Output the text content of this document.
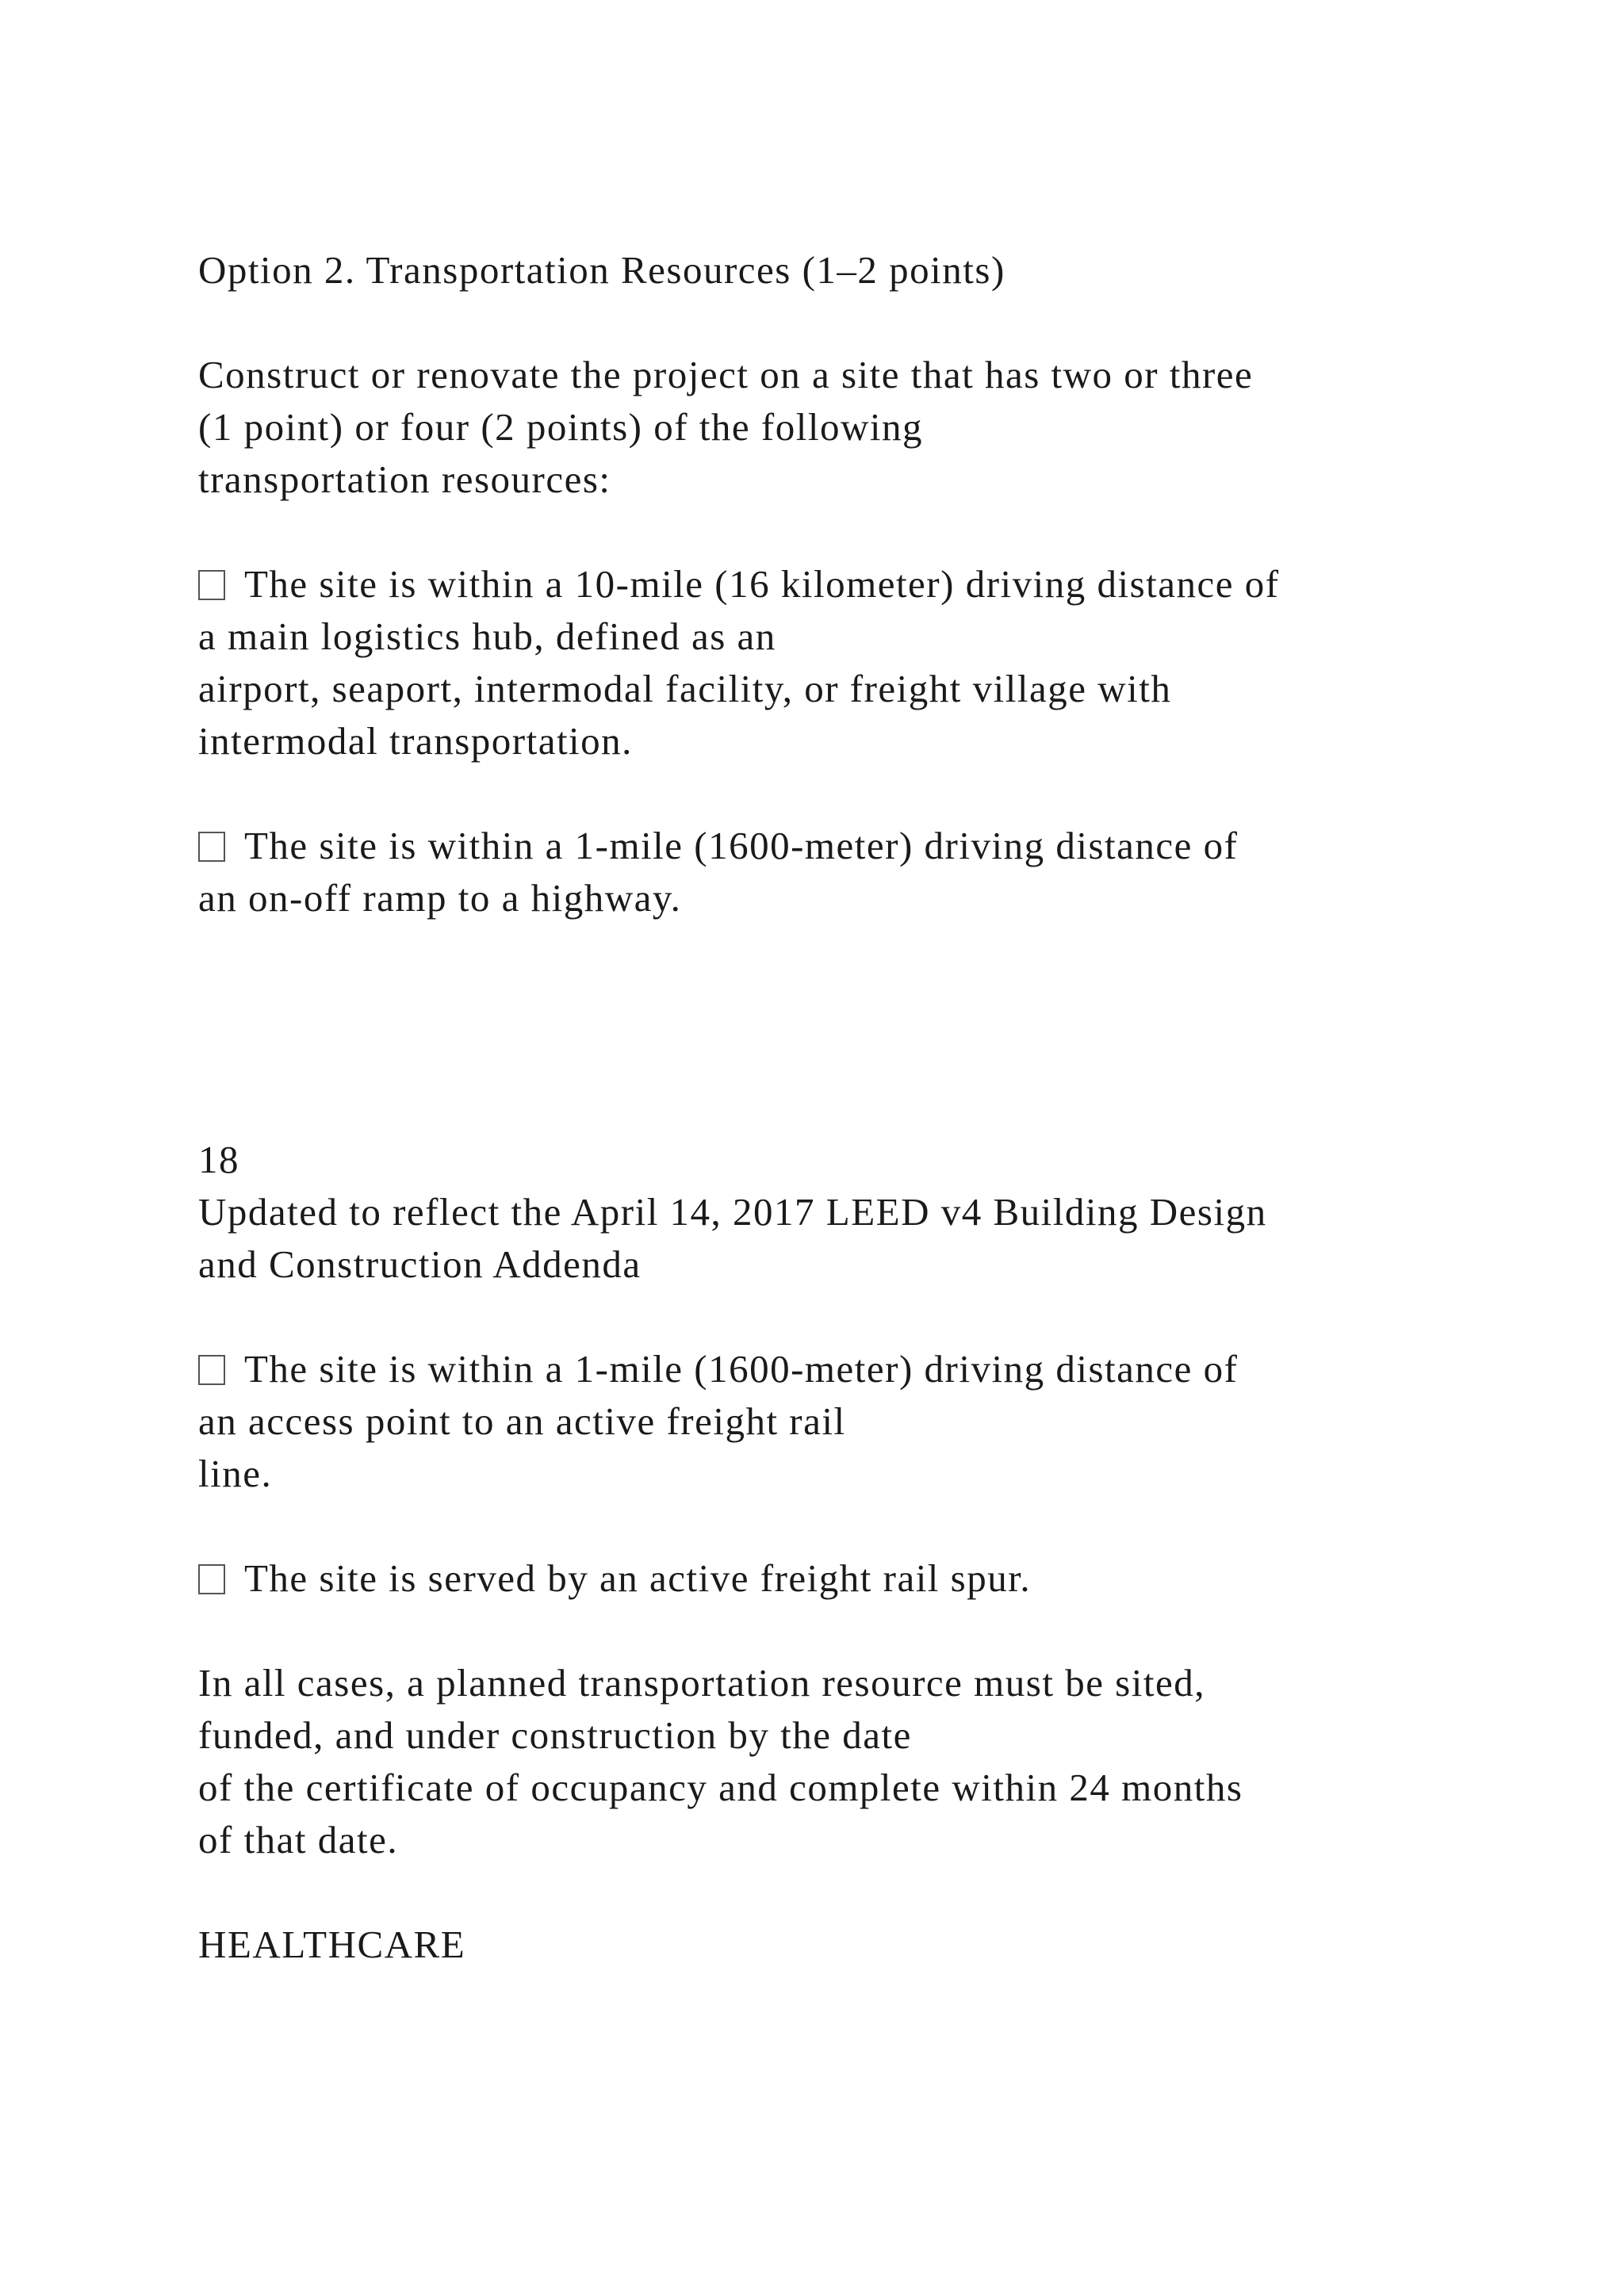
Option 2. Transportation Resources (1–2 points)
Construct or renovate the project on a site that has two or three
(1 point) or four (2 points) of the following
transportation resources:
The site is within a 10-mile (16 kilometer) driving distance of
a main logistics hub, defined as an
airport, seaport, intermodal facility, or freight village with
intermodal transportation.
The site is within a 1-mile (1600-meter) driving distance of
an on-off ramp to a highway.
18
Updated to reflect the April 14, 2017 LEED v4 Building Design
and Construction Addenda
The site is within a 1-mile (1600-meter) driving distance of
an access point to an active freight rail
line.
The site is served by an active freight rail spur.
In all cases, a planned transportation resource must be sited,
funded, and under construction by the date
of the certificate of occupancy and complete within 24 months
of that date.
HEALTHCARE
